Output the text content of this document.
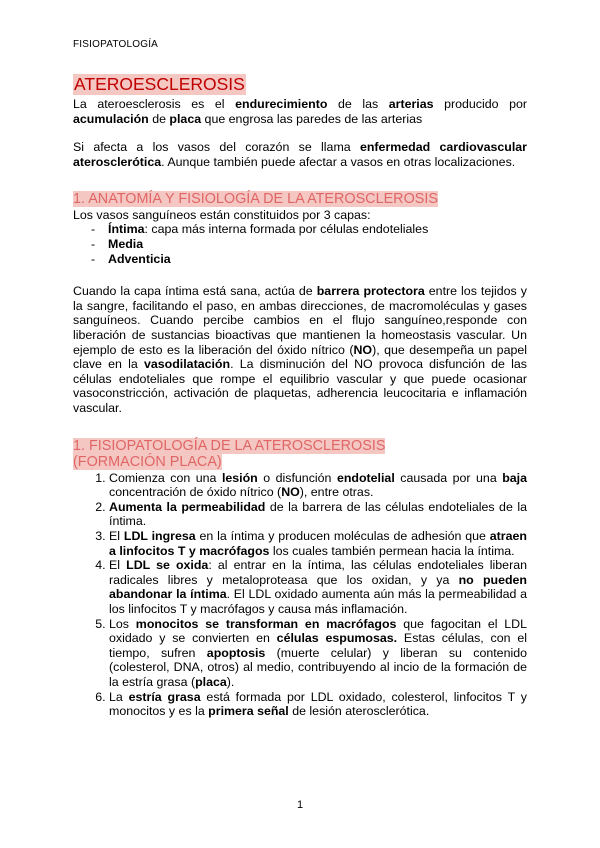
FISIOPATOLOGÍA
ATEROESCLEROSIS

La ateroesclerosis es el endurecimiento de las arterias producido por acumulación de placa que engrosa las paredes de las arterias

Si afecta a los vasos del corazón se llama enfermedad cardiovascular aterosclerótica. Aunque también puede afectar a vasos en otras localizaciones.

1. ANATOMÍA Y FISIOLOGÍA DE LA ATEROSCLEROSIS

Los vasos sanguíneos están constituidos por 3 capas:

- Íntima: capa más interna formada por células endoteliales
- Media
- Adventicia

Cuando la capa íntima está sana, actúa de barrera protectora entre los tejidos y la sangre, facilitando el paso, en ambas direcciones, de macromoléculas y gases sanguíneos. Cuando percibe cambios en el flujo sanguíneo,responde con liberación de sustancias bioactivas que mantienen la homeostasis vascular. Un ejemplo de esto es la liberación del óxido nítrico (NO), que desempeña un papel clave en la vasodilatación. La disminución del NO provoca disfunción de las células endoteliales que rompe el equilibrio vascular y que puede ocasionar vasoconstricción, activación de plaquetas, adherencia leucocitaria e inflamación vascular.

1. FISIOPATOLOGÍA DE LA ATEROSCLEROSIS
(FORMACIÓN PLACA)
1. Comienza con una lesión o disfunción endotelial causada por una baja concentración de óxido nítrico (NO), entre otras.
2. Aumenta la permeabilidad de la barrera de las células endoteliales de la íntima.
3. El LDL ingresa en la íntima y producen moléculas de adhesión que atraen a linfocitos T y macrófagos los cuales también permean hacia la íntima.
4. El LDL se oxida: al entrar en la íntima, las células endoteliales liberan radicales libres y metaloproteasa que los oxidan, y ya no pueden abandonar la íntima. El LDL oxidado aumenta aún más la permeabilidad a los linfocitos T y macrófagos y causa más inflamación.
5. Los monocitos se transforman en macrófagos que fagocitan el LDL oxidado y se convierten en células espumosas. Estas células, con el tiempo, sufren apoptosis (muerte celular) y liberan su contenido (colesterol, DNA, otros) al medio, contribuyendo al incio de la formación de la estría grasa (placa).
6. La estría grasa está formada por LDL oxidado, colesterol, linfocitos T y monocitos y es la primera señal de lesión aterosclerótica.
1
